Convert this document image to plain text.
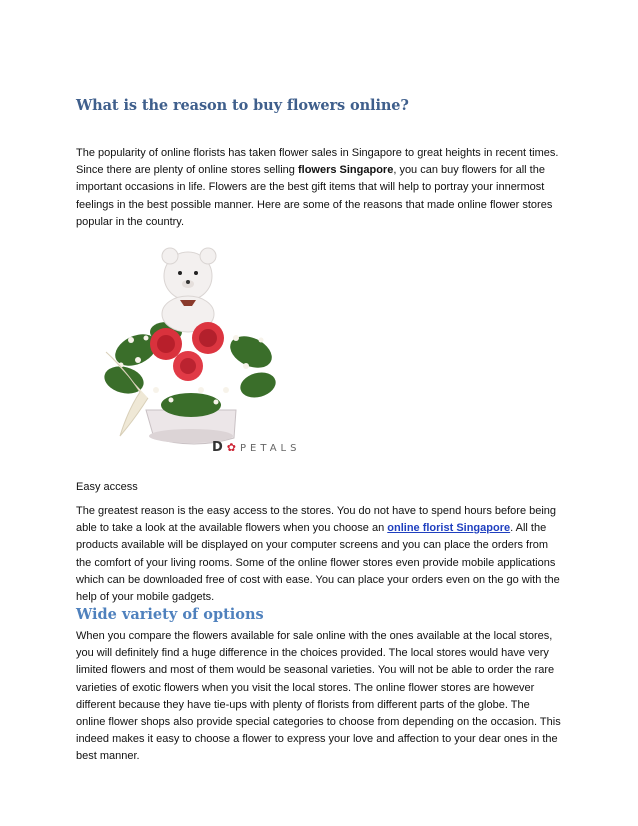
What is the reason to buy flowers online?

The popularity of online florists has taken flower sales in Singapore to great heights in recent times. Since there are plenty of online stores selling flowers Singapore, you can buy flowers for all the important occasions in life. Flowers are the best gift items that will help to portray your innermost feelings in the best possible manner. Here are some of the reasons that made online flower stores popular in the country.

D✿PETALS

Easy access

The greatest reason is the easy access to the stores. You do not have to spend hours before being able to take a look at the available flowers when you choose an online florist Singapore. All the products available will be displayed on your computer screens and you can place the orders from the comfort of your living rooms. Some of the online flower stores even provide mobile applications which can be downloaded free of cost with ease. You can place your orders even on the go with the help of your mobile gadgets.

Wide variety of options

When you compare the flowers available for sale online with the ones available at the local stores, you will definitely find a huge difference in the choices provided. The local stores would have very limited flowers and most of them would be seasonal varieties. You will not be able to order the rare varieties of exotic flowers when you visit the local stores. The online flower stores are however different because they have tie-ups with plenty of florists from different parts of the globe. The online flower shops also provide special categories to choose from depending on the occasion. This indeed makes it easy to choose a flower to express your love and affection to your dear ones in the best manner.
